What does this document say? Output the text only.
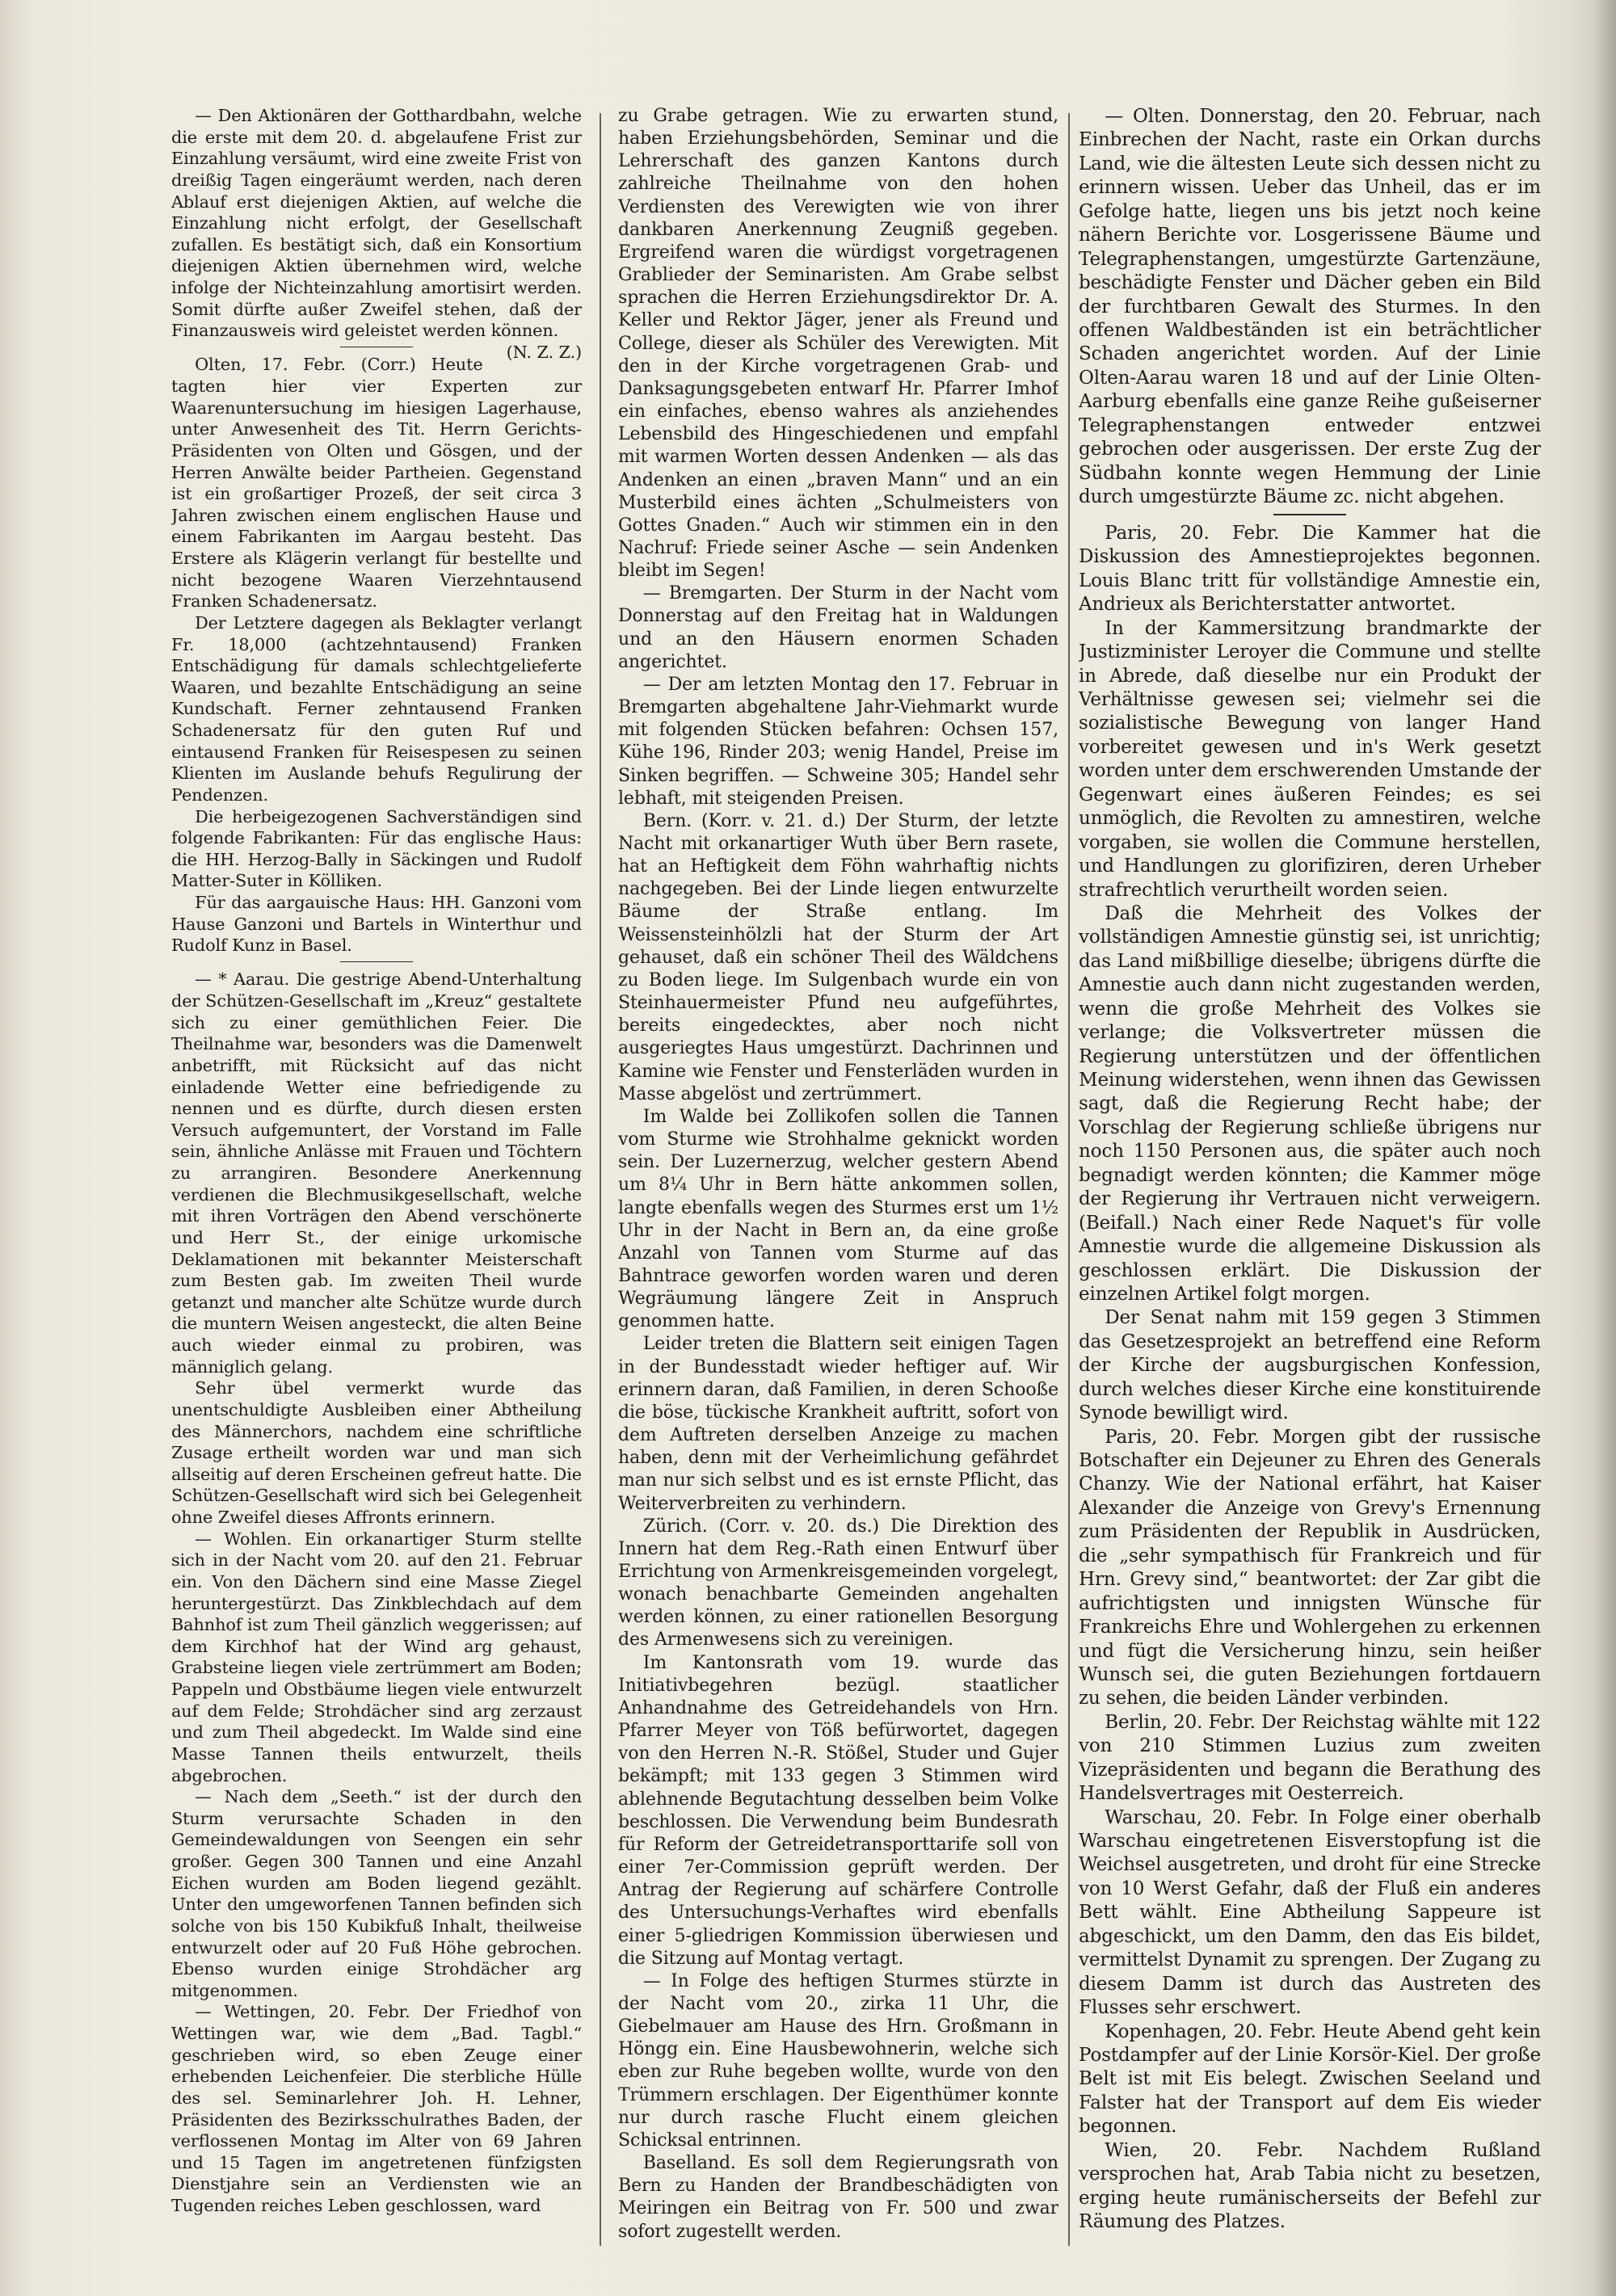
— Den Aktionären der Gotthardbahn, welche die erste mit dem 20. d. abgelaufene Frist zur Einzahlung versäumt, wird eine zweite Frist von dreißig Tagen eingeräumt werden, nach deren Ablauf erst diejenigen Aktien, auf welche die Einzahlung nicht erfolgt, der Gesellschaft zufallen. Es bestätigt sich, daß ein Konsortium diejenigen Aktien übernehmen wird, welche infolge der Nichteinzahlung amortisirt werden. Somit dürfte außer Zweifel stehen, daß der Finanzausweis wird geleistet werden können.
(N. Z. Z.)

Olten, 17. Febr. (Corr.) Heute tagten hier vier Experten zur Waarenuntersuchung im hiesigen Lagerhause, unter Anwesenheit des Tit. Herrn Gerichts-Präsidenten von Olten und Gösgen, und der Herren Anwälte beider Partheien. Gegenstand ist ein großartiger Prozeß, der seit circa 3 Jahren zwischen einem englischen Hause und einem Fabrikanten im Aargau besteht. Das Erstere als Klägerin verlangt für bestellte und nicht bezogene Waaren Vierzehntausend Franken Schadenersatz.

Der Letztere dagegen als Beklagter verlangt Fr. 18,000 (achtzehntausend) Franken Entschädigung für damals schlechtgelieferte Waaren, und bezahlte Entschädigung an seine Kundschaft. Ferner zehntausend Franken Schadenersatz für den guten Ruf und eintausend Franken für Reisespesen zu seinen Klienten im Auslande behufs Regulirung der Pendenzen.

Die herbeigezogenen Sachverständigen sind folgende Fabrikanten: Für das englische Haus: die HH. Herzog-Bally in Säckingen und Rudolf Matter-Suter in Kölliken.

Für das aargauische Haus: HH. Ganzoni vom Hause Ganzoni und Bartels in Winterthur und Rudolf Kunz in Basel.

— * Aarau. Die gestrige Abend-Unterhaltung der Schützen-Gesellschaft im „Kreuz“ gestaltete sich zu einer gemüthlichen Feier. Die Theilnahme war, besonders was die Damenwelt anbetrifft, mit Rücksicht auf das nicht einladende Wetter eine befriedigende zu nennen und es dürfte, durch diesen ersten Versuch aufgemuntert, der Vorstand im Falle sein, ähnliche Anlässe mit Frauen und Töchtern zu arrangiren. Besondere Anerkennung verdienen die Blechmusikgesellschaft, welche mit ihren Vorträgen den Abend verschönerte und Herr St., der einige urkomische Deklamationen mit bekannter Meisterschaft zum Besten gab. Im zweiten Theil wurde getanzt und mancher alte Schütze wurde durch die muntern Weisen angesteckt, die alten Beine auch wieder einmal zu probiren, was männiglich gelang.

Sehr übel vermerkt wurde das unentschuldigte Ausbleiben einer Abtheilung des Männerchors, nachdem eine schriftliche Zusage ertheilt worden war und man sich allseitig auf deren Erscheinen gefreut hatte. Die Schützen-Gesellschaft wird sich bei Gelegenheit ohne Zweifel dieses Affronts erinnern.

— Wohlen. Ein orkanartiger Sturm stellte sich in der Nacht vom 20. auf den 21. Februar ein. Von den Dächern sind eine Masse Ziegel heruntergestürzt. Das Zinkblechdach auf dem Bahnhof ist zum Theil gänzlich weggerissen; auf dem Kirchhof hat der Wind arg gehaust, Grabsteine liegen viele zertrümmert am Boden; Pappeln und Obstbäume liegen viele entwurzelt auf dem Felde; Strohdächer sind arg zerzaust und zum Theil abgedeckt. Im Walde sind eine Masse Tannen theils entwurzelt, theils abgebrochen.

— Nach dem „Seeth.“ ist der durch den Sturm verursachte Schaden in den Gemeindewaldungen von Seengen ein sehr großer. Gegen 300 Tannen und eine Anzahl Eichen wurden am Boden liegend gezählt. Unter den umgeworfenen Tannen befinden sich solche von bis 150 Kubikfuß Inhalt, theilweise entwurzelt oder auf 20 Fuß Höhe gebrochen. Ebenso wurden einige Strohdächer arg mitgenommen.

— Wettingen, 20. Febr. Der Friedhof von Wettingen war, wie dem „Bad. Tagbl.“ geschrieben wird, so eben Zeuge einer erhebenden Leichenfeier. Die sterbliche Hülle des sel. Seminarlehrer Joh. H. Lehner, Präsidenten des Bezirksschulrathes Baden, der verflossenen Montag im Alter von 69 Jahren und 15 Tagen im angetretenen fünfzigsten Dienstjahre sein an Verdiensten wie an Tugenden reiches Leben geschlossen, ward

zu Grabe getragen. Wie zu erwarten stund, haben Erziehungsbehörden, Seminar und die Lehrerschaft des ganzen Kantons durch zahlreiche Theilnahme von den hohen Verdiensten des Verewigten wie von ihrer dankbaren Anerkennung Zeugniß gegeben. Ergreifend waren die würdigst vorgetragenen Grablieder der Seminaristen. Am Grabe selbst sprachen die Herren Erziehungsdirektor Dr. A. Keller und Rektor Jäger, jener als Freund und College, dieser als Schüler des Verewigten. Mit den in der Kirche vorgetragenen Grab- und Danksagungsgebeten entwarf Hr. Pfarrer Imhof ein einfaches, ebenso wahres als anziehendes Lebensbild des Hingeschiedenen und empfahl mit warmen Worten dessen Andenken — als das Andenken an einen „braven Mann“ und an ein Musterbild eines ächten „Schulmeisters von Gottes Gnaden.“ Auch wir stimmen ein in den Nachruf: Friede seiner Asche — sein Andenken bleibt im Segen!

— Bremgarten. Der Sturm in der Nacht vom Donnerstag auf den Freitag hat in Waldungen und an den Häusern enormen Schaden angerichtet.

— Der am letzten Montag den 17. Februar in Bremgarten abgehaltene Jahr-Viehmarkt wurde mit folgenden Stücken befahren: Ochsen 157, Kühe 196, Rinder 203; wenig Handel, Preise im Sinken begriffen. — Schweine 305; Handel sehr lebhaft, mit steigenden Preisen.

Bern. (Korr. v. 21. d.) Der Sturm, der letzte Nacht mit orkanartiger Wuth über Bern rasete, hat an Heftigkeit dem Föhn wahrhaftig nichts nachgegeben. Bei der Linde liegen entwurzelte Bäume der Straße entlang. Im Weissensteinhölzli hat der Sturm der Art gehauset, daß ein schöner Theil des Wäldchens zu Boden liege. Im Sulgenbach wurde ein von Steinhauermeister Pfund neu aufgeführtes, bereits eingedecktes, aber noch nicht ausgeriegtes Haus umgestürzt. Dachrinnen und Kamine wie Fenster und Fensterläden wurden in Masse abgelöst und zertrümmert.

Im Walde bei Zollikofen sollen die Tannen vom Sturme wie Strohhalme geknickt worden sein. Der Luzernerzug, welcher gestern Abend um 8¼ Uhr in Bern hätte ankommen sollen, langte ebenfalls wegen des Sturmes erst um 1½ Uhr in der Nacht in Bern an, da eine große Anzahl von Tannen vom Sturme auf das Bahntrace geworfen worden waren und deren Wegräumung längere Zeit in Anspruch genommen hatte.

Leider treten die Blattern seit einigen Tagen in der Bundesstadt wieder heftiger auf. Wir erinnern daran, daß Familien, in deren Schooße die böse, tückische Krankheit auftritt, sofort von dem Auftreten derselben Anzeige zu machen haben, denn mit der Verheimlichung gefährdet man nur sich selbst und es ist ernste Pflicht, das Weiterverbreiten zu verhindern.

Zürich. (Corr. v. 20. ds.) Die Direktion des Innern hat dem Reg.-Rath einen Entwurf über Errichtung von Armenkreisgemeinden vorgelegt, wonach benachbarte Gemeinden angehalten werden können, zu einer rationellen Besorgung des Armenwesens sich zu vereinigen.

Im Kantonsrath vom 19. wurde das Initiativbegehren bezügl. staatlicher Anhandnahme des Getreidehandels von Hrn. Pfarrer Meyer von Töß befürwortet, dagegen von den Herren N.-R. Stößel, Studer und Gujer bekämpft; mit 133 gegen 3 Stimmen wird ablehnende Begutachtung desselben beim Volke beschlossen. Die Verwendung beim Bundesrath für Reform der Getreidetransporttarife soll von einer 7er-Commission geprüft werden. Der Antrag der Regierung auf schärfere Controlle des Untersuchungs-Verhaftes wird ebenfalls einer 5-gliedrigen Kommission überwiesen und die Sitzung auf Montag vertagt.

— In Folge des heftigen Sturmes stürzte in der Nacht vom 20., zirka 11 Uhr, die Giebelmauer am Hause des Hrn. Großmann in Höngg ein. Eine Hausbewohnerin, welche sich eben zur Ruhe begeben wollte, wurde von den Trümmern erschlagen. Der Eigenthümer konnte nur durch rasche Flucht einem gleichen Schicksal entrinnen.

Baselland. Es soll dem Regierungsrath von Bern zu Handen der Brandbeschädigten von Meiringen ein Beitrag von Fr. 500 und zwar sofort zugestellt werden.

— Olten. Donnerstag, den 20. Februar, nach Einbrechen der Nacht, raste ein Orkan durchs Land, wie die ältesten Leute sich dessen nicht zu erinnern wissen. Ueber das Unheil, das er im Gefolge hatte, liegen uns bis jetzt noch keine nähern Berichte vor. Losgerissene Bäume und Telegraphenstangen, umgestürzte Gartenzäune, beschädigte Fenster und Dächer geben ein Bild der furchtbaren Gewalt des Sturmes. In den offenen Waldbeständen ist ein beträchtlicher Schaden angerichtet worden. Auf der Linie Olten-Aarau waren 18 und auf der Linie Olten-Aarburg ebenfalls eine ganze Reihe gußeiserner Telegraphenstangen entweder entzwei gebrochen oder ausgerissen. Der erste Zug der Südbahn konnte wegen Hemmung der Linie durch umgestürzte Bäume zc. nicht abgehen.

Paris, 20. Febr. Die Kammer hat die Diskussion des Amnestieprojektes begonnen. Louis Blanc tritt für vollständige Amnestie ein, Andrieux als Berichterstatter antwortet.

In der Kammersitzung brandmarkte der Justizminister Leroyer die Commune und stellte in Abrede, daß dieselbe nur ein Produkt der Verhältnisse gewesen sei; vielmehr sei die sozialistische Bewegung von langer Hand vorbereitet gewesen und in's Werk gesetzt worden unter dem erschwerenden Umstande der Gegenwart eines äußeren Feindes; es sei unmöglich, die Revolten zu amnestiren, welche vorgaben, sie wollen die Commune herstellen, und Handlungen zu glorifiziren, deren Urheber strafrechtlich verurtheilt worden seien.

Daß die Mehrheit des Volkes der vollständigen Amnestie günstig sei, ist unrichtig; das Land mißbillige dieselbe; übrigens dürfte die Amnestie auch dann nicht zugestanden werden, wenn die große Mehrheit des Volkes sie verlange; die Volksvertreter müssen die Regierung unterstützen und der öffentlichen Meinung widerstehen, wenn ihnen das Gewissen sagt, daß die Regierung Recht habe; der Vorschlag der Regierung schließe übrigens nur noch 1150 Personen aus, die später auch noch begnadigt werden könnten; die Kammer möge der Regierung ihr Vertrauen nicht verweigern. (Beifall.) Nach einer Rede Naquet's für volle Amnestie wurde die allgemeine Diskussion als geschlossen erklärt. Die Diskussion der einzelnen Artikel folgt morgen.

Der Senat nahm mit 159 gegen 3 Stimmen das Gesetzesprojekt an betreffend eine Reform der Kirche der augsburgischen Konfession, durch welches dieser Kirche eine konstituirende Synode bewilligt wird.

Paris, 20. Febr. Morgen gibt der russische Botschafter ein Dejeuner zu Ehren des Generals Chanzy. Wie der National erfährt, hat Kaiser Alexander die Anzeige von Grevy's Ernennung zum Präsidenten der Republik in Ausdrücken, die „sehr sympathisch für Frankreich und für Hrn. Grevy sind,“ beantwortet: der Zar gibt die aufrichtigsten und innigsten Wünsche für Frankreichs Ehre und Wohlergehen zu erkennen und fügt die Versicherung hinzu, sein heißer Wunsch sei, die guten Beziehungen fortdauern zu sehen, die beiden Länder verbinden.

Berlin, 20. Febr. Der Reichstag wählte mit 122 von 210 Stimmen Luzius zum zweiten Vizepräsidenten und begann die Berathung des Handelsvertrages mit Oesterreich.

Warschau, 20. Febr. In Folge einer oberhalb Warschau eingetretenen Eisverstopfung ist die Weichsel ausgetreten, und droht für eine Strecke von 10 Werst Gefahr, daß der Fluß ein anderes Bett wählt. Eine Abtheilung Sappeure ist abgeschickt, um den Damm, den das Eis bildet, vermittelst Dynamit zu sprengen. Der Zugang zu diesem Damm ist durch das Austreten des Flusses sehr erschwert.

Kopenhagen, 20. Febr. Heute Abend geht kein Postdampfer auf der Linie Korsör-Kiel. Der große Belt ist mit Eis belegt. Zwischen Seeland und Falster hat der Transport auf dem Eis wieder begonnen.

Wien, 20. Febr. Nachdem Rußland versprochen hat, Arab Tabia nicht zu besetzen, erging heute rumänischerseits der Befehl zur Räumung des Platzes.
